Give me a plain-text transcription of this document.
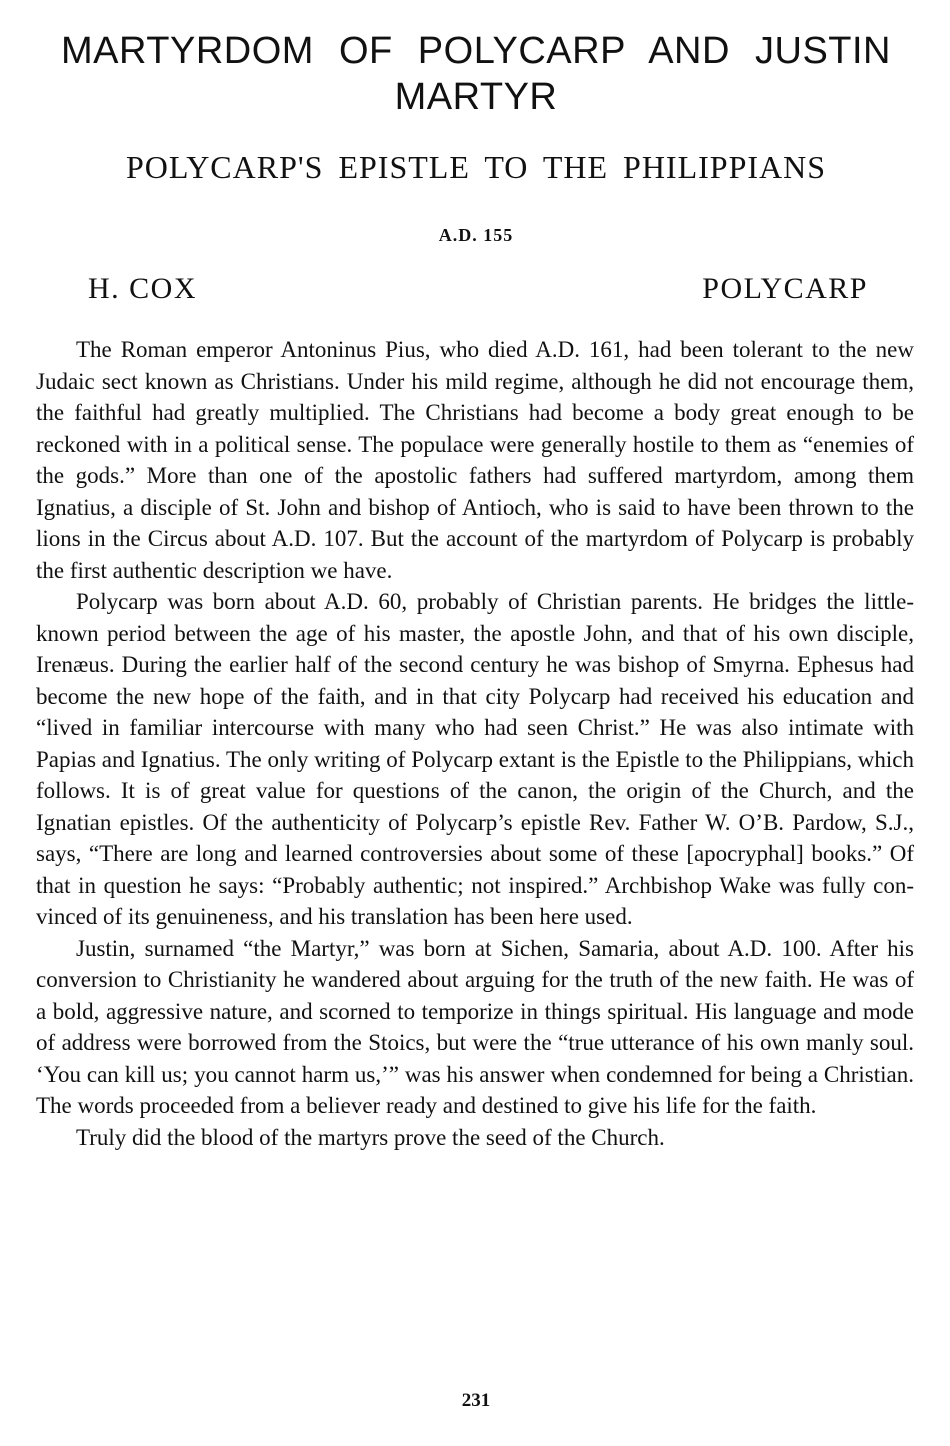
MARTYRDOM OF POLYCARP AND JUSTIN MARTYR
POLYCARP'S EPISTLE TO THE PHILIPPIANS
A.D. 155
H. COX	POLYCARP

The Roman emperor Antoninus Pius, who died A.D. 161, had been tolerant to the new Judaic sect known as Christians. Under his mild regime, although he did not encourage them, the faithful had greatly multiplied. The Christians had become a body great enough to be reckoned with in a political sense. The populace were generally hostile to them as “enemies of the gods.” More than one of the apostolic fathers had suffered martyrdom, among them Ignatius, a disciple of St. John and bishop of Antioch, who is said to have been thrown to the lions in the Circus about A.D. 107. But the account of the martyrdom of Polycarp is probably the first authentic description we have.

Polycarp was born about A.D. 60, probably of Christian parents. He bridges the little-known period between the age of his master, the apostle John, and that of his own disciple, Irenæus. During the earlier half of the second century he was bishop of Smyrna. Ephesus had become the new hope of the faith, and in that city Polycarp had received his education and “lived in familiar intercourse with many who had seen Christ.” He was also intimate with Papias and Ignatius. The only writing of Polycarp extant is the Epistle to the Philippians, which follows. It is of great value for questions of the canon, the origin of the Church, and the Ignatian epistles. Of the authenticity of Polycarp’s epistle Rev. Father W. O’B. Pardow, S.J., says, “There are long and learned controversies about some of these [apocryphal] books.” Of that in question he says: “Probably authentic; not inspired.” Archbishop Wake was fully convinced of its genuineness, and his translation has been here used.

Justin, surnamed “the Martyr,” was born at Sichen, Samaria, about A.D. 100. After his conversion to Christianity he wandered about arguing for the truth of the new faith. He was of a bold, aggressive nature, and scorned to temporize in things spiritual. His language and mode of address were borrowed from the Stoics, but were the “true utterance of his own manly soul. ‘You can kill us; you cannot harm us,’” was his answer when condemned for being a Christian. The words proceeded from a believer ready and destined to give his life for the faith.

Truly did the blood of the martyrs prove the seed of the Church.

231
